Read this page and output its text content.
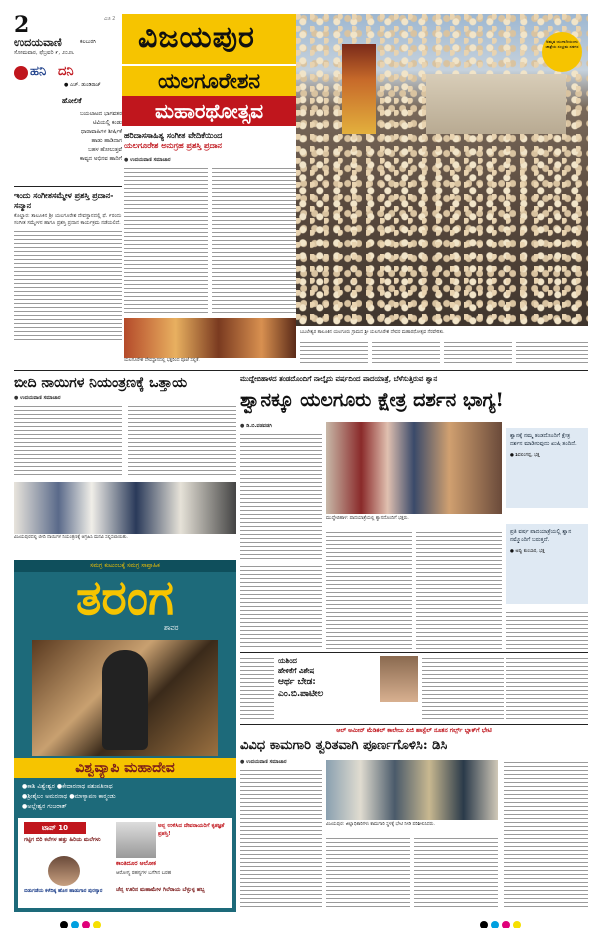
2	ವಿಜಿ 2
ಉದಯವಾಣಿ	ಕಲಬುರಗಿ
ಸೋಮವಾರ, ಫೆಬ್ರವರಿ ೯, ೨೦೨೬ ವಿಜಯಪುರ	ಅಮೃತ ಯುಗಾದಿಯಂದು ಜಾತ್ರೆಯ ಸಂಭ್ರಮ ಸಡಗರ
ಹನಿ ದನಿ
● ಎಚ್. ಡುಂಡಿರಾಜ್
ಹೋಲಿಕೆ
ಬಯಲಾಟದ ಭಾಗವತರ
ಟಿವಿಯಲ್ಲಿ ಕಂಡು
ಧಾರಾವಾಹಿಗಳ ಶೀರ್ಷಿಕೆ
ಹಾಡು ಹಾಡಿದಾಗ
ಬಹಳ ಹೋಲುತ್ತವೆ
ಕಾವ್ಯದ ಅಭಿನವ ಹಾದಿಗೆ
ಇಂದು ಸಂಗೀತಸಮ್ಮೇಳ ಪ್ರಶಸ್ತಿ ಪ್ರದಾನ-ಸನ್ಮಾನ
ಕೊಲ್ಹಾರ: ತಾಲೂಕಿನ ಶ್ರೀ ಯಲಗೂರೇಶ ದೇವಸ್ಥಾನದಲ್ಲಿ ಫೆ. ೯ರಂದು ಸಂಗೀತ ಸಮ್ಮೇಳನ ಹಾಗೂ ಪ್ರಶಸ್ತಿ ಪ್ರದಾನ ಕಾರ್ಯಕ್ರಮ ನಡೆಯಲಿದೆ.
ಯಲಗೂರೇಶನ
ಮಹಾರಥೋತ್ಸವ
ಹರಿದಾಸಸಾಹಿತ್ಯ ಸಂಗೀತ ವೇದಿಕೆಯಿಂದ
ಯಲಗೂರೇಶ ಅನುಗ್ರಹ ಪ್ರಶಸ್ತಿ ಪ್ರದಾನ
● ಉದಯವಾಣಿ ಸಮಾಚಾರ
ಯಲಗೂರೇಶ ದೇವಸ್ಥಾನದಲ್ಲಿ ಭಕ್ತರಿಂದ ಪೂಜೆ ಸಲ್ಲಿಕೆ.
ಬಬಲೇಶ್ವರ ತಾಲೂಕಿನ ಯಲಗೂರು ಗ್ರಾಮದ ಶ್ರೀ ಯಲಗೂರೇಶ ದೇವರ ಮಹಾರಥೋತ್ಸವ ನೆರವೇರಿತು.
ಬೀದಿ ನಾಯಿಗಳ ನಿಯಂತ್ರಣಕ್ಕೆ ಒತ್ತಾಯ
● ಉದಯವಾಣಿ ಸಮಾಚಾರ
ವಿಜಯಪುರದಲ್ಲಿ ಬೀದಿ ನಾಯಿಗಳ ನಿಯಂತ್ರಣಕ್ಕೆ ಆಗ್ರಹಿಸಿ ಮನವಿ ಸಲ್ಲಿಸಲಾಯಿತು.
ಮುದ್ದೇಬಿಹಾಳದ ತಂಡದೊಂದಿಗೆ ನಾಲ್ಕೈದು ವರ್ಷದಿಂದ ಪಾದಯಾತ್ರೆ, ಬೆಳೆಸುತ್ತಿರುವ ಶ್ವಾನ
ಶ್ವಾನಕ್ಕೂ ಯಲಗೂರು ಕ್ಷೇತ್ರ ದರ್ಶನ ಭಾಗ್ಯ!
● ಡಿ.ಬಿ.ವಡವಡಗಿ
ಮುದ್ದೇಬಿಹಾಳ: ಪಾದಯಾತ್ರೆಯಲ್ಲಿ ಶ್ವಾನದೊಂದಿಗೆ ಭಕ್ತರು.
ಶ್ವಾನಕ್ಕೆ ನಮ್ಮ ತಂಡದೊಂದಿಗೆ ಕ್ಷೇತ್ರ ದರ್ಶನ ಮಾಡಿಸುವುದು ಖುಷಿ ತಂದಿದೆ.
● ಶಿವಲಿಂಗಪ್ಪ, ಭಕ್ತ
ಪ್ರತಿ ವರ್ಷ ಪಾದಯಾತ್ರೆಯಲ್ಲಿ ಶ್ವಾನ ನಮ್ಮೊಂದಿಗೆ ಬರುತ್ತದೆ.
● ಅಪ್ಪು ಕುಂಬಾರ, ಭಕ್ತ
ಸಮಗ್ರ ಕುಟುಂಬಕ್ಕೆ ಸಮಗ್ರ ಸಾಪ್ತಾಹಿಕ
ತರಂಗ
ಶಾವರ
ವಿಶ್ವವ್ಯಾಪಿ ಮಹಾದೇವ
●ಕಾಶಿ ವಿಶ್ವೇಶ್ವರ ●ಕೇದಾರನಾಥ ಪಶುಪತಿನಾಥ
●ಶ್ರೀಶೈಲಂ ಅಮರನಾಥ ●ಮಾಳ್ಯಾಪಣ ಕಾಠ್ಮಂಡು
●ಅಲ್ಲೇಶ್ವರ ಗುಜರಾತ್
ಟಾಪ್ 10
ಗಟ್ಟಿಗ ಬಿರಿ ಕಲೆಗಳ ಹತ್ತು ಹಿರಿಯ ಮಲೆಗಳು
ಬಿಡುಗಡೆಯ ಕಳೆದಿಕ್ಕ ಹೊಸ ಹಾಡುಗಾರ ಪುರಸ್ಕಾರ
ಅನ್ನ ಉಳಿಸಿದ ದೇವರಾಯರಿಗೆ ಕೃತಜ್ಞತೆ ಪ್ರಶಸ್ತಿ!
ಕಾಂತಿದೂರ ಆಲೋಕ
ಆರೋಗ್ಯ ರಹಸ್ಯಗಳ ಬಗೆಗಿನ ಬರಹ
ಚೆನ್ನ ಊರಿನ ಮಹಾಮೇಳ ಗಿಲೆರಾಯ ಬೆಳ್ಳುಳ್ಳ ಹಬ್ಬ
ಯಶಿಂದ
ಹೇಳಿಕೆಗೆ ವಿಶೇಷ
ಆರ್ಥ ಬೇಡ:
ಎಂ.ಬಿ.ಪಾಟೀಲ
ಆಲ್ ಅಮೀನ್ ಮೆಡಿಕಲ್ ಕಾಲೇಜು ಪಿಜಿ ಹಾಸ್ಟೆಲ್ ನೂತನ ಗರ್ಲ್ಸ್ ಬ್ಲಾಕ್‌ಗೆ ಭೇಟಿ
ವಿವಿಧ ಕಾಮಗಾರಿ ತ್ವರಿತವಾಗಿ ಪೂರ್ಣಗೊಳಿಸಿ: ಡಿಸಿ
● ಉದಯವಾಣಿ ಸಮಾಚಾರ
ವಿಜಯಪುರ: ಜಿಲ್ಲಾಧಿಕಾರಿಗಳು ಕಾಮಗಾರಿ ಸ್ಥಳಕ್ಕೆ ಭೇಟಿ ನೀಡಿ ಪರಿಶೀಲಿಸಿದರು.
